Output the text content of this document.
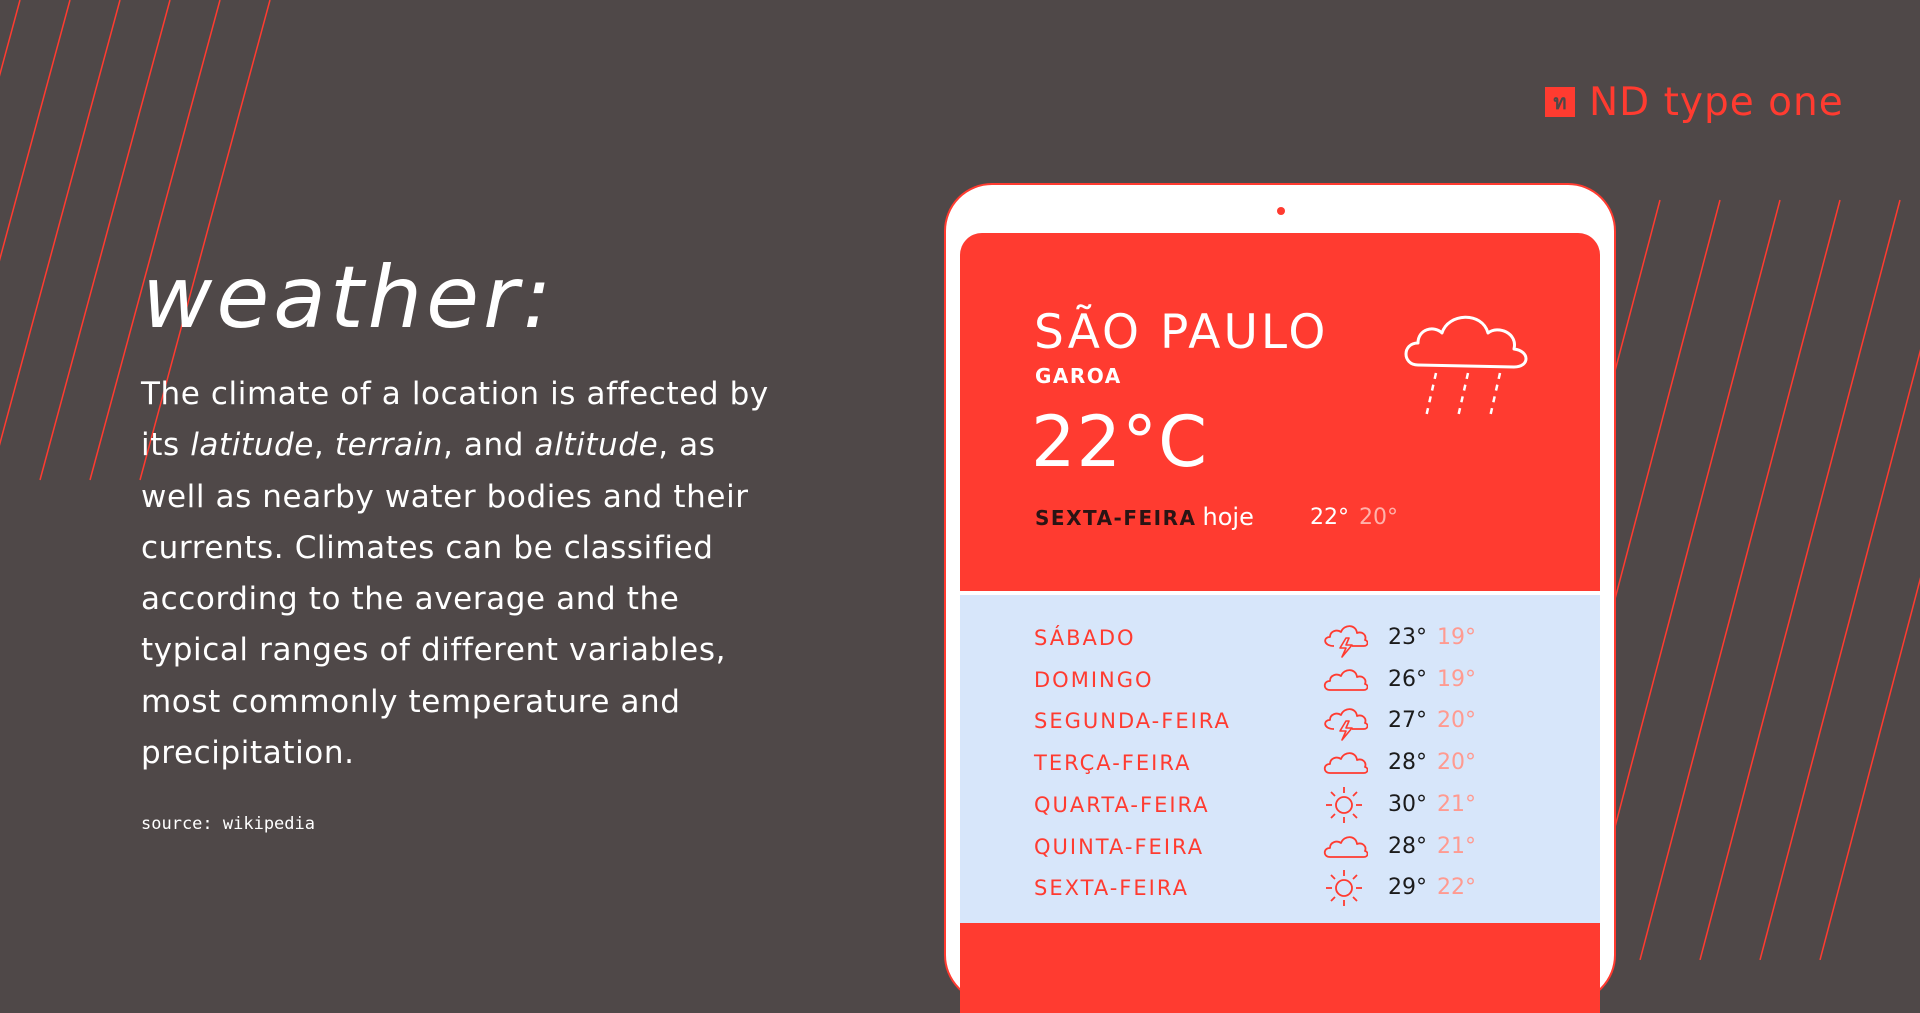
ท ND type one
weather:

The climate of a location is affected by its latitude, terrain, and altitude, as well as nearby water bodies and their currents. Climates can be classified according to the average and the typical ranges of different variables, most commonly temperature and precipitation.

source: wikipedia
SÃO PAULO
GAROA
22°C
SEXTA-FEIRA hoje	22° 20°
SÁBADO	23° 19°
DOMINGO	26° 19°
SEGUNDA-FEIRA	27° 20°
TERÇA-FEIRA	28° 20°
QUARTA-FEIRA	30° 21°
QUINTA-FEIRA	28° 21°
SEXTA-FEIRA	29° 22°
